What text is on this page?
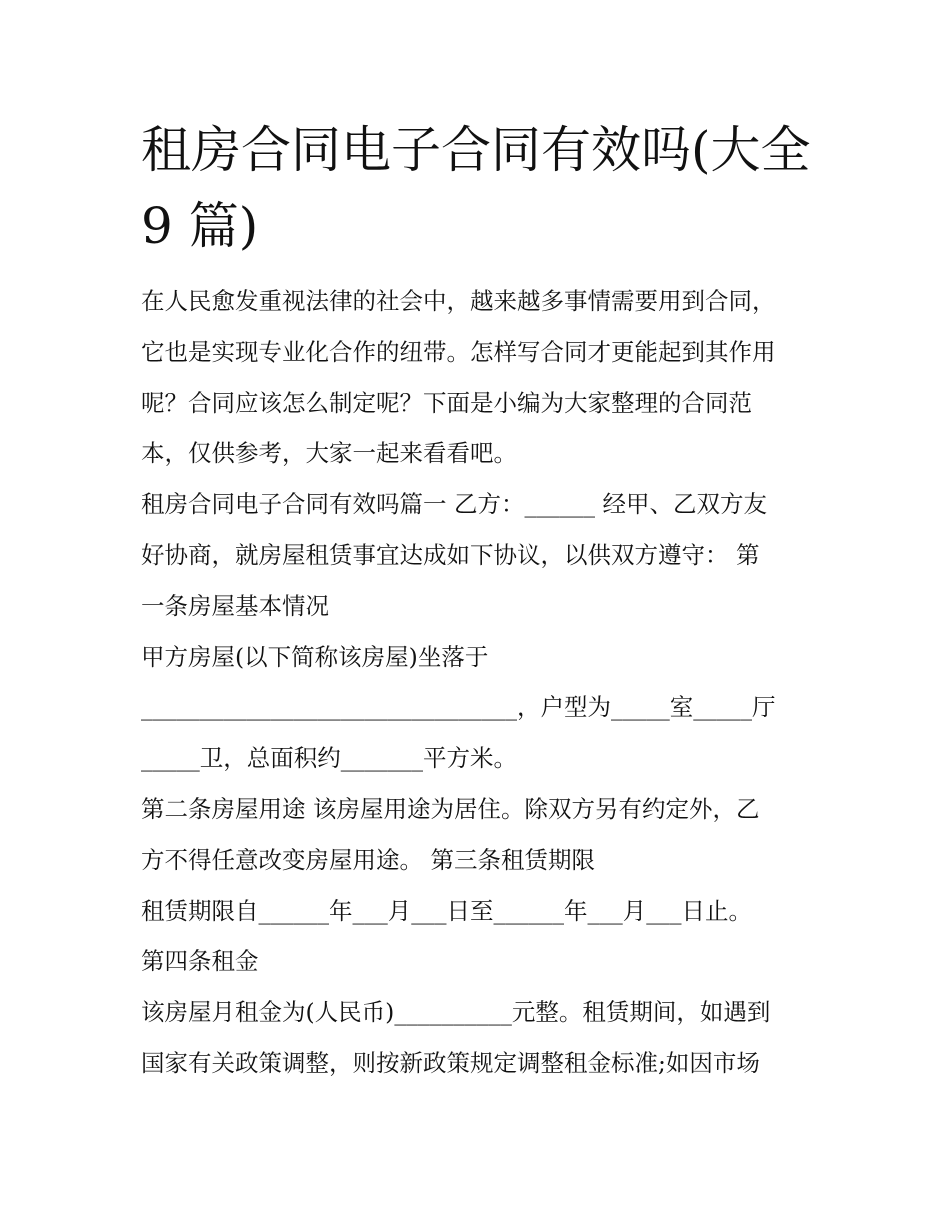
租房合同电子合同有效吗(大全
9 篇)
在人民愈发重视法律的社会中，越来越多事情需要用到合同，
它也是实现专业化合作的纽带。怎样写合同才更能起到其作用
呢？合同应该怎么制定呢？下面是小编为大家整理的合同范
本，仅供参考，大家一起来看看吧。
租房合同电子合同有效吗篇一 乙方：______ 经甲、乙双方友
好协商，就房屋租赁事宜达成如下协议，以供双方遵守： 第
一条房屋基本情况
甲方房屋(以下简称该房屋)坐落于
________________________________，户型为_____室_____厅
_____卫，总面积约_______平方米。
第二条房屋用途 该房屋用途为居住。除双方另有约定外，乙
方不得任意改变房屋用途。 第三条租赁期限
租赁期限自______年___月___日至______年___月___日止。
第四条租金
该房屋月租金为(人民币)__________元整。租赁期间，如遇到
国家有关政策调整，则按新政策规定调整租金标准;如因市场
